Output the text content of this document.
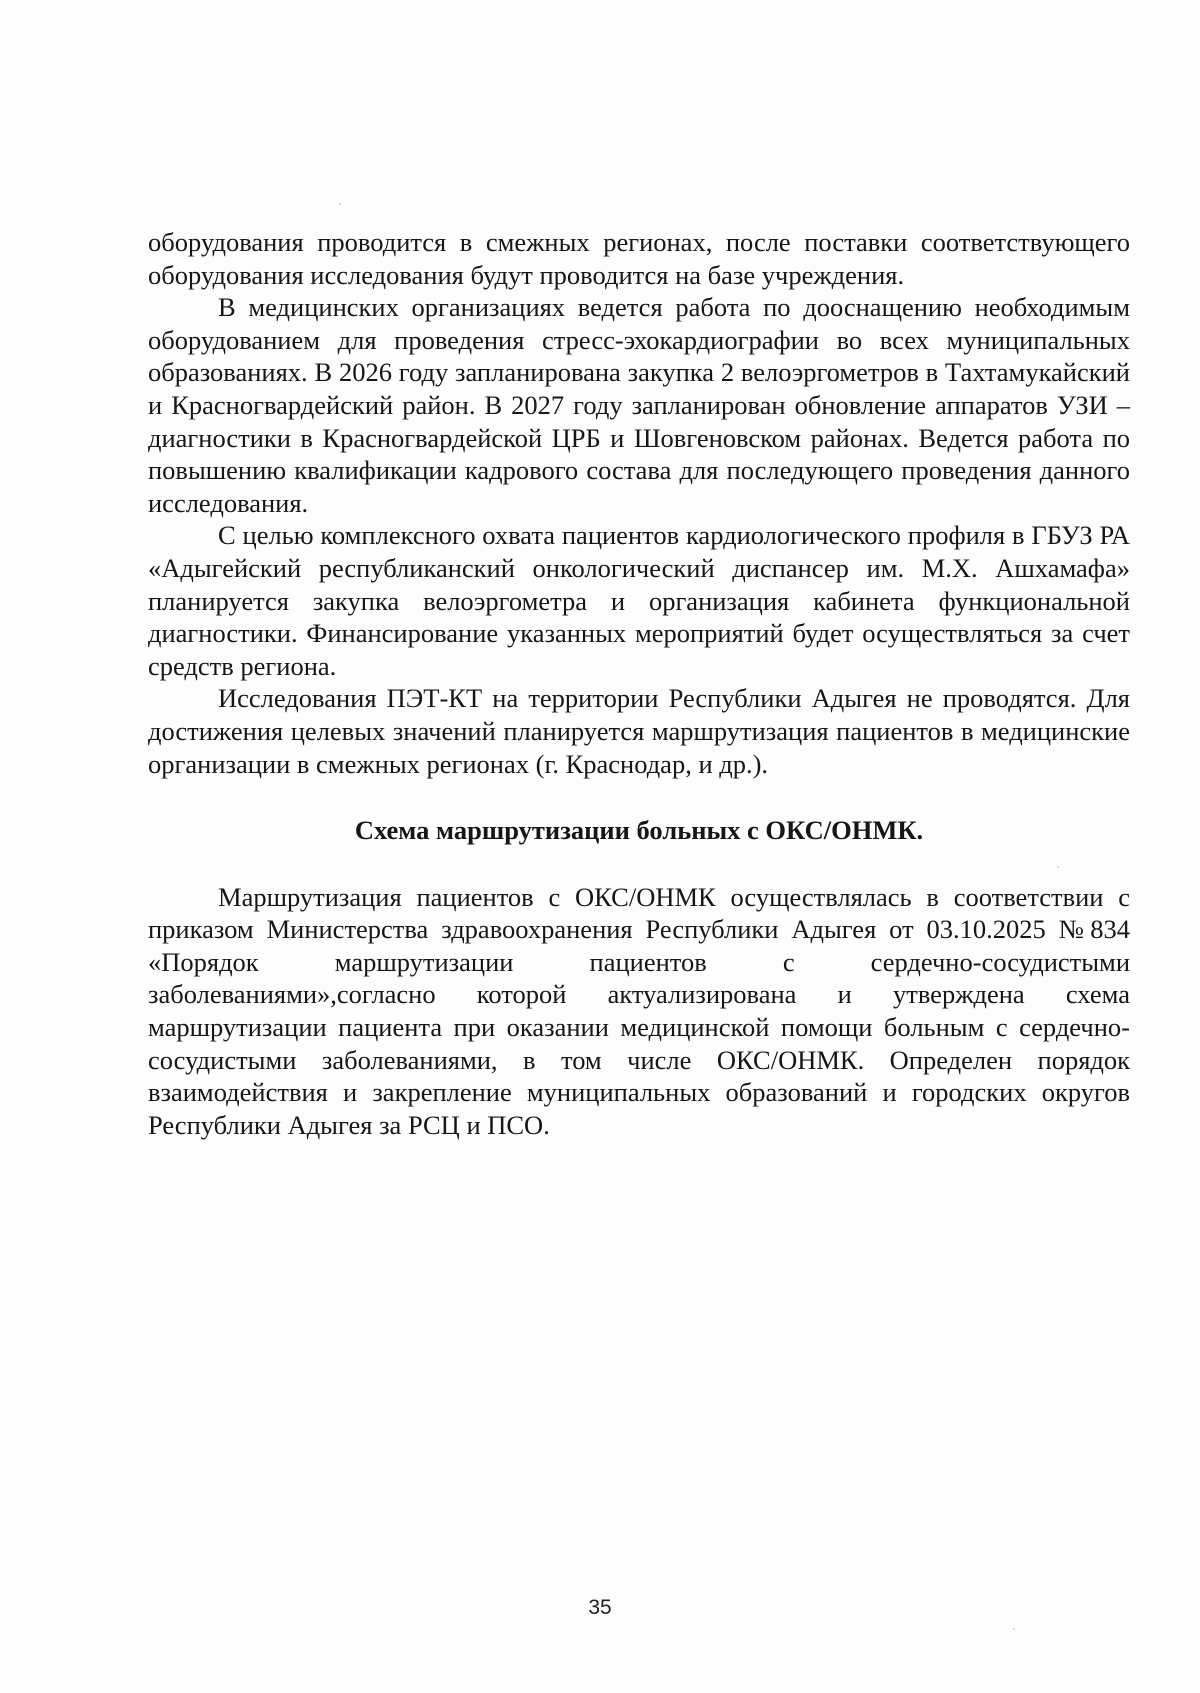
оборудования проводится в смежных регионах, после поставки соответствующего оборудования исследования будут проводится на базе учреждения.

В медицинских организациях ведется работа по дооснащению необходимым оборудованием для проведения стресс-эхокардиографии во всех муниципальных образованиях. В 2026 году запланирована закупка 2 велоэргометров в Тахтамукайский и Красногвардейский район. В 2027 году запланирован обновление аппаратов УЗИ –диагностики в Красногвардейской ЦРБ и Шовгеновском районах. Ведется работа по повышению квалификации кадрового состава для последующего проведения данного исследования.

С целью комплексного охвата пациентов кардиологического профиля в ГБУЗ РА «Адыгейский республиканский онкологический диспансер им. М.Х. Ашхамафа» планируется закупка велоэргометра и организация кабинета функциональной диагностики. Финансирование указанных мероприятий будет осуществляться за счет средств региона.

Исследования ПЭТ-КТ на территории Республики Адыгея не проводятся. Для достижения целевых значений планируется маршрутизация пациентов в медицинские организации в смежных регионах (г. Краснодар, и др.).

Схема маршрутизации больных с ОКС/ОНМК.

Маршрутизация пациентов с ОКС/ОНМК осуществлялась в соответствии с приказом Министерства здравоохранения Республики Адыгея от 03.10.2025 №834 «Порядок маршрутизации пациентов с сердечно-сосудистыми заболеваниями»,согласно которой актуализирована и утверждена схема маршрутизации пациента при оказании медицинской помощи больным с сердечно-сосудистыми заболеваниями, в том числе ОКС/ОНМК. Определен порядок взаимодействия и закрепление муниципальных образований и городских округов Республики Адыгея за РСЦ и ПСО.

35
